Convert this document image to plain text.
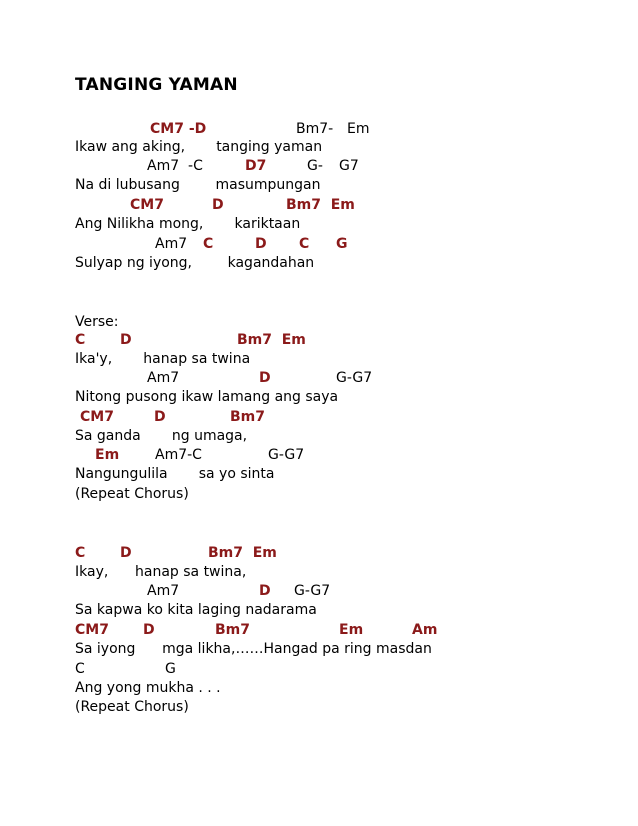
TANGING YAMAN
CM7 -D	Bm7- Em
Ikaw ang aking,       tanging yaman
Am7  -C	D7	G- G7
Na di lubusang        masumpungan
CM7	D	Bm7  Em
Ang Nilikha mong,       kariktaan
Am7 C	D C G
Sulyap ng iyong,        kagandahan
Verse:
C D	Bm7  Em
Ika'y,       hanap sa twina
Am7	D	G-G7
Nitong pusong ikaw lamang ang saya
CM7	D	Bm7
Sa ganda       ng umaga,
Em	Am7-C	G-G7
Nangungulila       sa yo sinta
(Repeat Chorus)
C D	Bm7  Em
Ikay,      hanap sa twina,
Am7	D G-G7
Sa kapwa ko kita laging nadarama
CM7 D	Bm7	Em	Am
Sa iyong      mga likha,……Hangad pa ring masdan
C	G
Ang yong mukha . . .
(Repeat Chorus)
